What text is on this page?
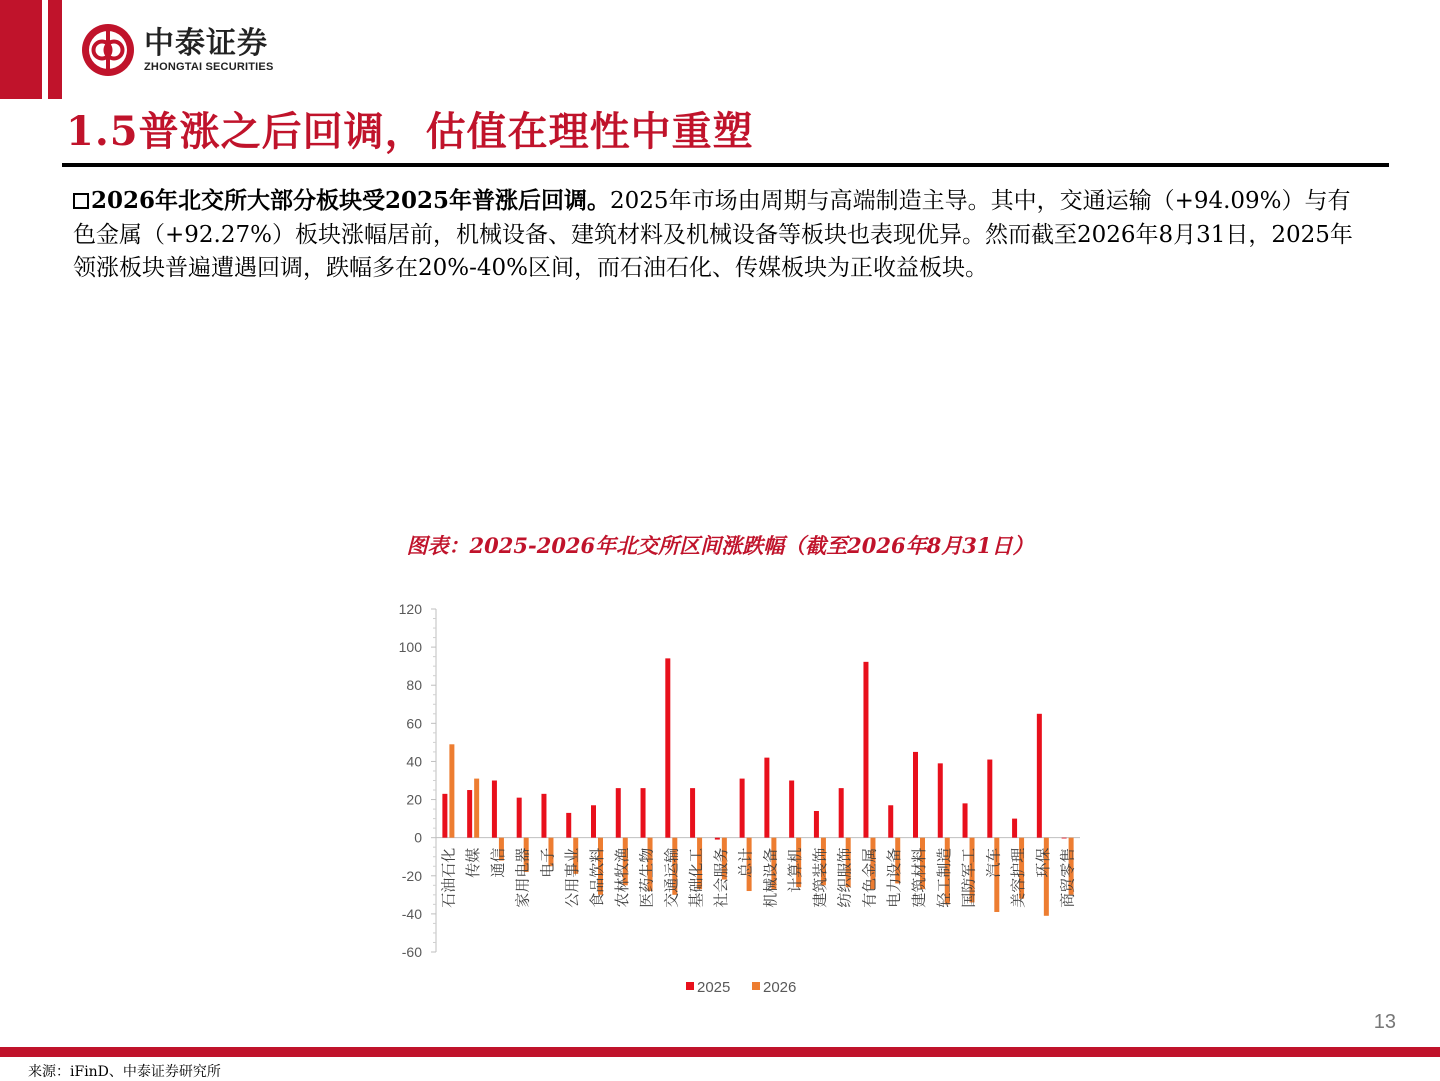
中泰证券
ZHONGTAI SECURITIES
1.5普涨之后回调，估值在理性中重塑
2026年北交所大部分板块受2025年普涨后回调。2025年市场由周期与高端制造主导。其中，交通运输（+94.09%）与有色金属（+92.27%）板块涨幅居前，机械设备、建筑材料及机械设备等板块也表现优异。然而截至2026年8月31日，2025年领涨板块普遍遭遇回调，跌幅多在20%-40%区间，而石油石化、传媒板块为正收益板块。
图表：2025-2026年北交所区间涨跌幅（截至2026年8月31日）
-60
-40
-20
0
20
40
60
80
100
120
石油石化 传媒 通信 家用电器 电子 公用事业 食品饮料 农林牧渔 医药生物 交通运输 基础化工 社会服务 总计 机械设备 计算机 建筑装饰 纺织服饰 有色金属 电力设备 建筑材料 轻工制造 国防军工 汽车 美容护理 环保 商贸零售
2025 2026
13
来源：iFinD、中泰证券研究所
